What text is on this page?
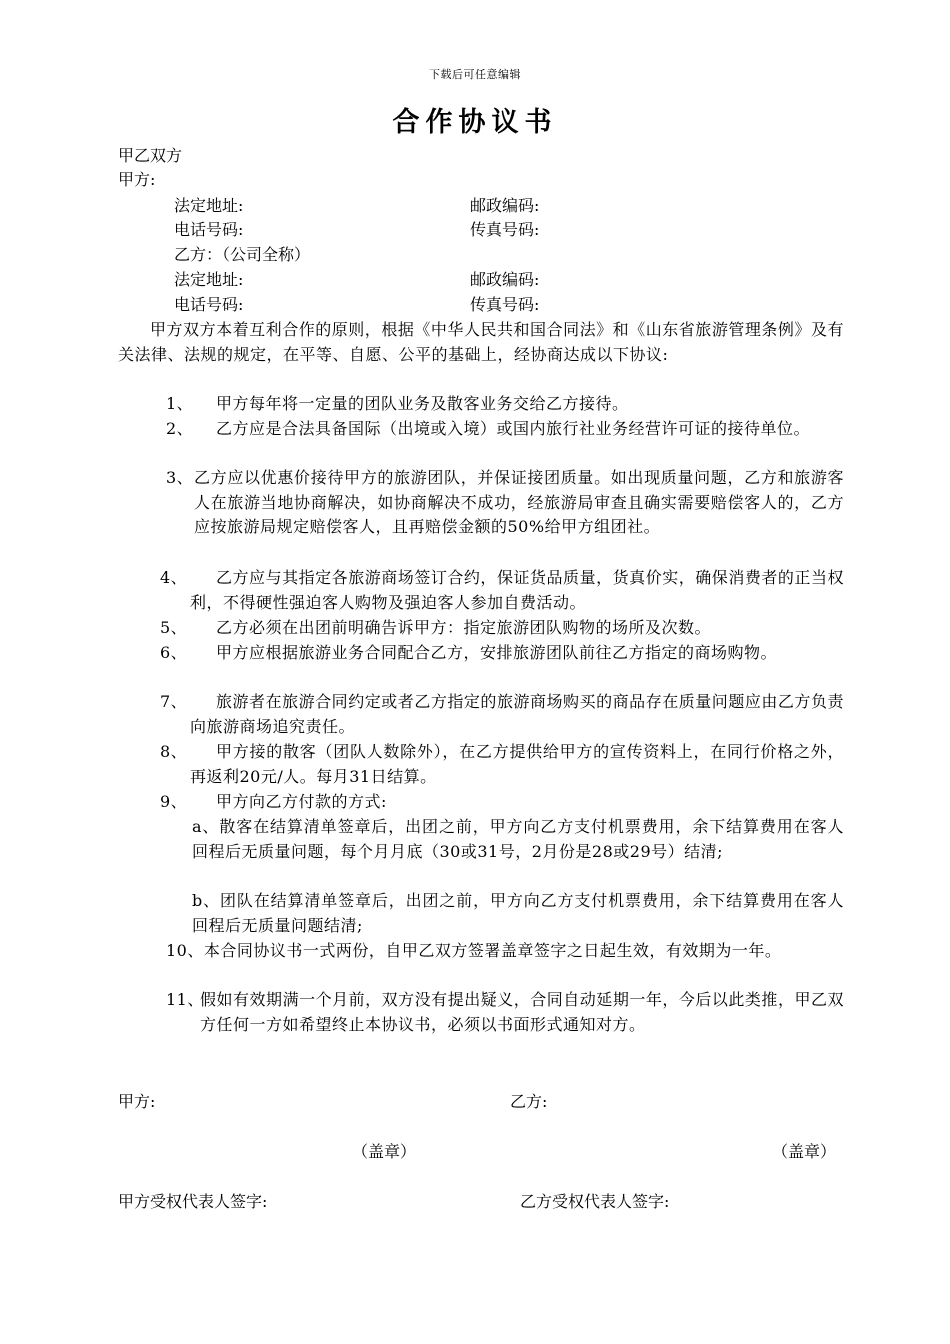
下载后可任意编辑
合作协议书
甲乙双方
甲方:
法定地址:	邮政编码:
电话号码:	传真号码:
乙方：（公司全称）
法定地址:	邮政编码:
电话号码:	传真号码:
甲方双方本着互利合作的原则，根据《中华人民共和国合同法》和《山东省旅游管理条例》及有关法律、法规的规定，在平等、自愿、公平的基础上，经协商达成以下协议:
1、	甲方每年将一定量的团队业务及散客业务交给乙方接待。
2、	乙方应是合法具备国际（出境或入境）或国内旅行社业务经营许可证的接待单位。
3、 乙方应以优惠价接待甲方的旅游团队，并保证接团质量。如出现质量问题，乙方和旅游客人在旅游当地协商解决，如协商解决不成功，经旅游局审查且确实需要赔偿客人的，乙方应按旅游局规定赔偿客人，且再赔偿金额的50%给甲方组团社。
4、	乙方应与其指定各旅游商场签订合约，保证货品质量，货真价实，确保消费者的正当权利，不得硬性强迫客人购物及强迫客人参加自费活动。
5、	乙方必须在出团前明确告诉甲方：指定旅游团队购物的场所及次数。
6、	甲方应根据旅游业务合同配合乙方，安排旅游团队前往乙方指定的商场购物。
7、	旅游者在旅游合同约定或者乙方指定的旅游商场购买的商品存在质量问题应由乙方负责向旅游商场追究责任。
8、	甲方接的散客（团队人数除外），在乙方提供给甲方的宣传资料上，在同行价格之外，再返利20元/人。每月31日结算。
9、	甲方向乙方付款的方式:
a、散客在结算清单签章后，出团之前，甲方向乙方支付机票费用，余下结算费用在客人回程后无质量问题，每个月月底（30或31号，2月份是28或29号）结清;
b、团队在结算清单签章后，出团之前，甲方向乙方支付机票费用，余下结算费用在客人回程后无质量问题结清;
10、本合同协议书一式两份，自甲乙双方签署盖章签字之日起生效，有效期为一年。
11、
假如有效期满一个月前，双方没有提出疑义，合同自动延期一年，今后以此类推，甲乙双方任何一方如希望终止本协议书，必须以书面形式通知对方。
甲方:	乙方:
（盖章）	（盖章）
甲方受权代表人签字:	乙方受权代表人签字:
